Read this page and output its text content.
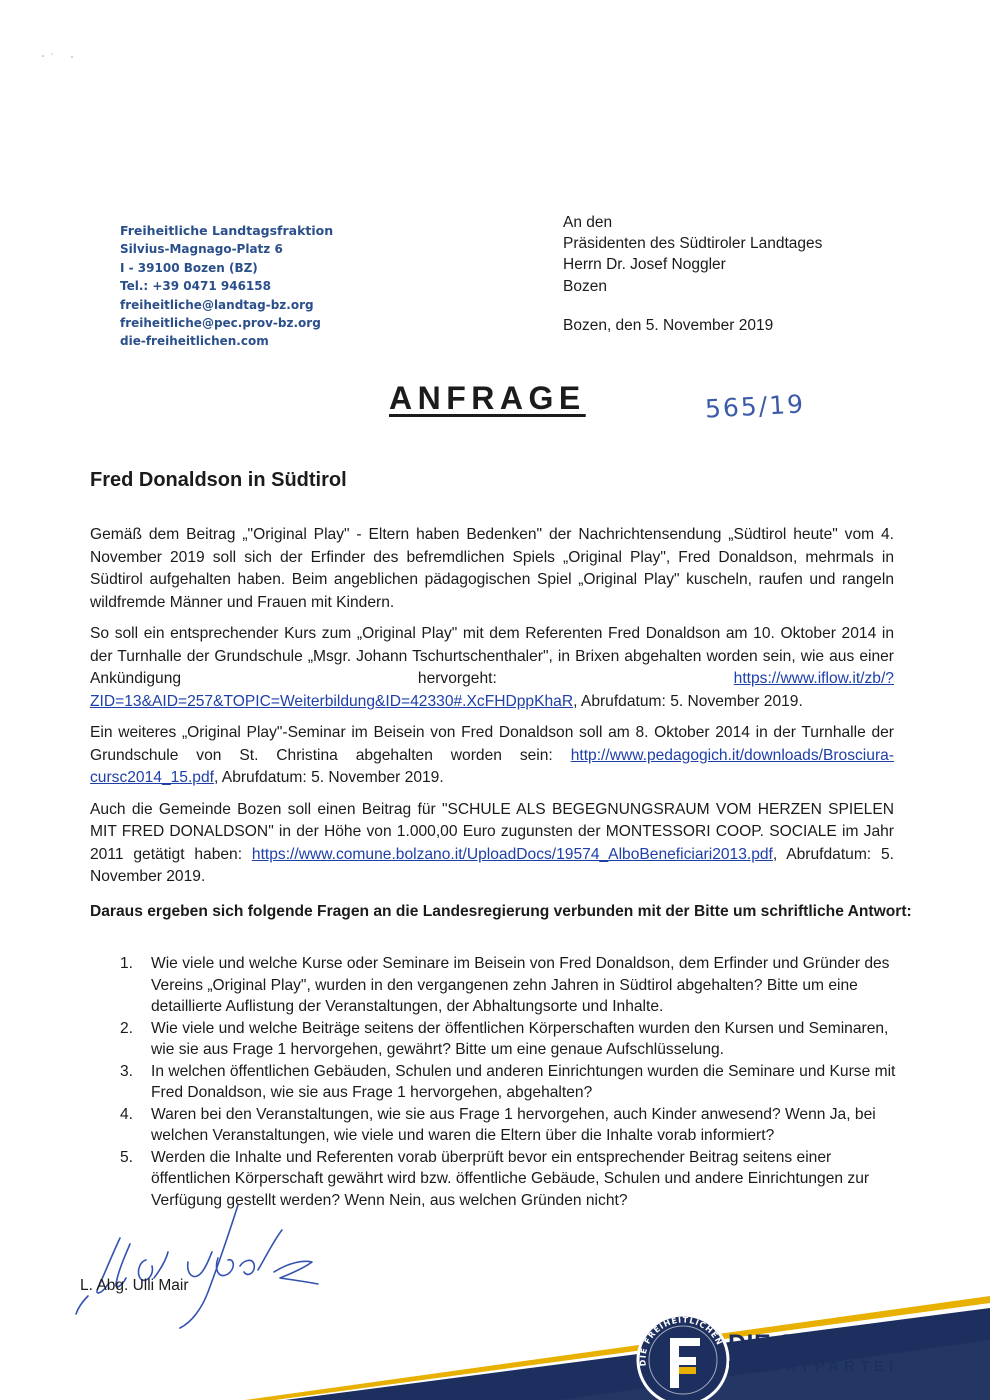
Freiheitliche Landtagsfraktion
Silvius-Magnago-Platz 6
I - 39100 Bozen (BZ)
Tel.: +39 0471 946158
freiheitliche@landtag-bz.org
freiheitliche@pec.prov-bz.org
die-freiheitlichen.com
An den
Präsidenten des Südtiroler Landtages
Herrn Dr. Josef Noggler
Bozen
Bozen, den 5. November 2019
ANFRAGE	565/19
Fred Donaldson in Südtirol

Gemäß dem Beitrag „"Original Play" - Eltern haben Bedenken" der Nachrichtensendung „Südtirol heute" vom 4. November 2019 soll sich der Erfinder des befremdlichen Spiels „Original Play", Fred Donaldson, mehrmals in Südtirol aufgehalten haben. Beim angeblichen pädagogischen Spiel „Original Play" kuscheln, raufen und rangeln wildfremde Männer und Frauen mit Kindern.

So soll ein entsprechender Kurs zum „Original Play" mit dem Referenten Fred Donaldson am 10. Oktober 2014 in der Turnhalle der Grundschule „Msgr. Johann Tschurtschenthaler", in Brixen abgehalten worden sein, wie aus einer Ankündigung hervorgeht:	https://www.iflow.it/zb/?ZID=13&AID=257&TOPIC=Weiterbildung&ID=42330#.XcFHDppKhaR, Abrufdatum: 5. November 2019.

Ein weiteres „Original Play"-Seminar im Beisein von Fred Donaldson soll am 8. Oktober 2014 in der Turnhalle der Grundschule von St. Christina abgehalten worden sein: http://www.pedagogich.it/downloads/Brosciura-cursc2014_15.pdf, Abrufdatum: 5. November 2019.

Auch die Gemeinde Bozen soll einen Beitrag für "SCHULE ALS BEGEGNUNGSRAUM VOM HERZEN SPIELEN MIT FRED DONALDSON" in der Höhe von 1.000,00 Euro zugunsten der MONTESSORI COOP. SOCIALE im Jahr 2011 getätigt haben: https://www.comune.bolzano.it/UploadDocs/19574_AlboBeneficiari2013.pdf, Abrufdatum: 5. November 2019.

Daraus ergeben sich folgende Fragen an die Landesregierung verbunden mit der Bitte um schriftliche Antwort:
1. Wie viele und welche Kurse oder Seminare im Beisein von Fred Donaldson, dem Erfinder und Gründer des Vereins „Original Play", wurden in den vergangenen zehn Jahren in Südtirol abgehalten? Bitte um eine detaillierte Auflistung der Veranstaltungen, der Abhaltungsorte und Inhalte.
2. Wie viele und welche Beiträge seitens der öffentlichen Körperschaften wurden den Kursen und Seminaren, wie sie aus Frage 1 hervorgehen, gewährt? Bitte um eine genaue Aufschlüsselung.
3. In welchen öffentlichen Gebäuden, Schulen und anderen Einrichtungen wurden die Seminare und Kurse mit Fred Donaldson, wie sie aus Frage 1 hervorgehen, abgehalten?
4. Waren bei den Veranstaltungen, wie sie aus Frage 1 hervorgehen, auch Kinder anwesend? Wenn Ja, bei welchen Veranstaltungen, wie viele und waren die Eltern über die Inhalte vorab informiert?
5. Werden die Inhalte und Referenten vorab überprüft bevor ein entsprechender Beitrag seitens einer öffentlichen Körperschaft gewährt wird bzw. öffentliche Gebäude, Schulen und andere Einrichtungen zur Verfügung gestellt werden? Wenn Nein, aus welchen Gründen nicht?
L. Abg. Ulli Mair
DIE FREIHEITLICHEN DIE SOZIALE
HEIMATPARTEI
